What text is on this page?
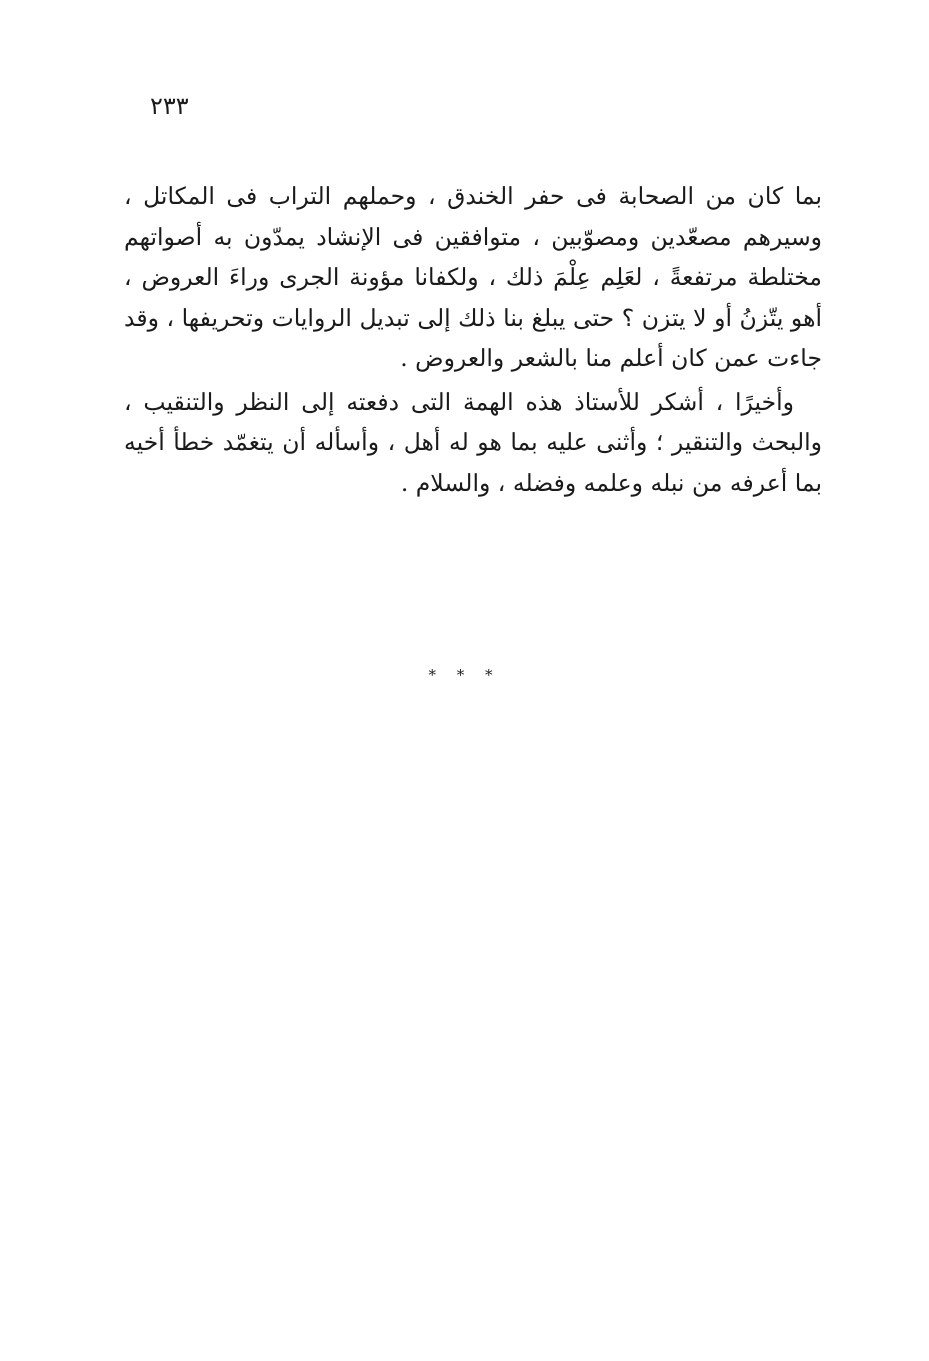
٢٣٣

بما كان من الصحابة فى حفر الخندق ، وحملهم التراب فى المكاتل ، وسيرهم مصعّدين ومصوّبين ، متوافقين فى الإنشاد يمدّون به أصواتهم مختلطة مرتفعةً ، لعَلِم عِلْمَ ذلك ، ولكفانا مؤونة الجرى وراءَ العروض ، أهو يتّزنُ أو لا يتزن ؟ حتى يبلغ بنا ذلك إلى تبديل الروايات وتحريفها ، وقد جاءت عمن كان أعلم منا بالشعر والعروض .

وأخيرًا ، أشكر للأستاذ هذه الهمة التى دفعته إلى النظر والتنقيب ، والبحث والتنقير ؛ وأثنى عليه بما هو له أهل ، وأسأله أن يتغمّد خطأ أخيه بما أعرفه من نبله وعلمه وفضله ، والسلام .

* * *
